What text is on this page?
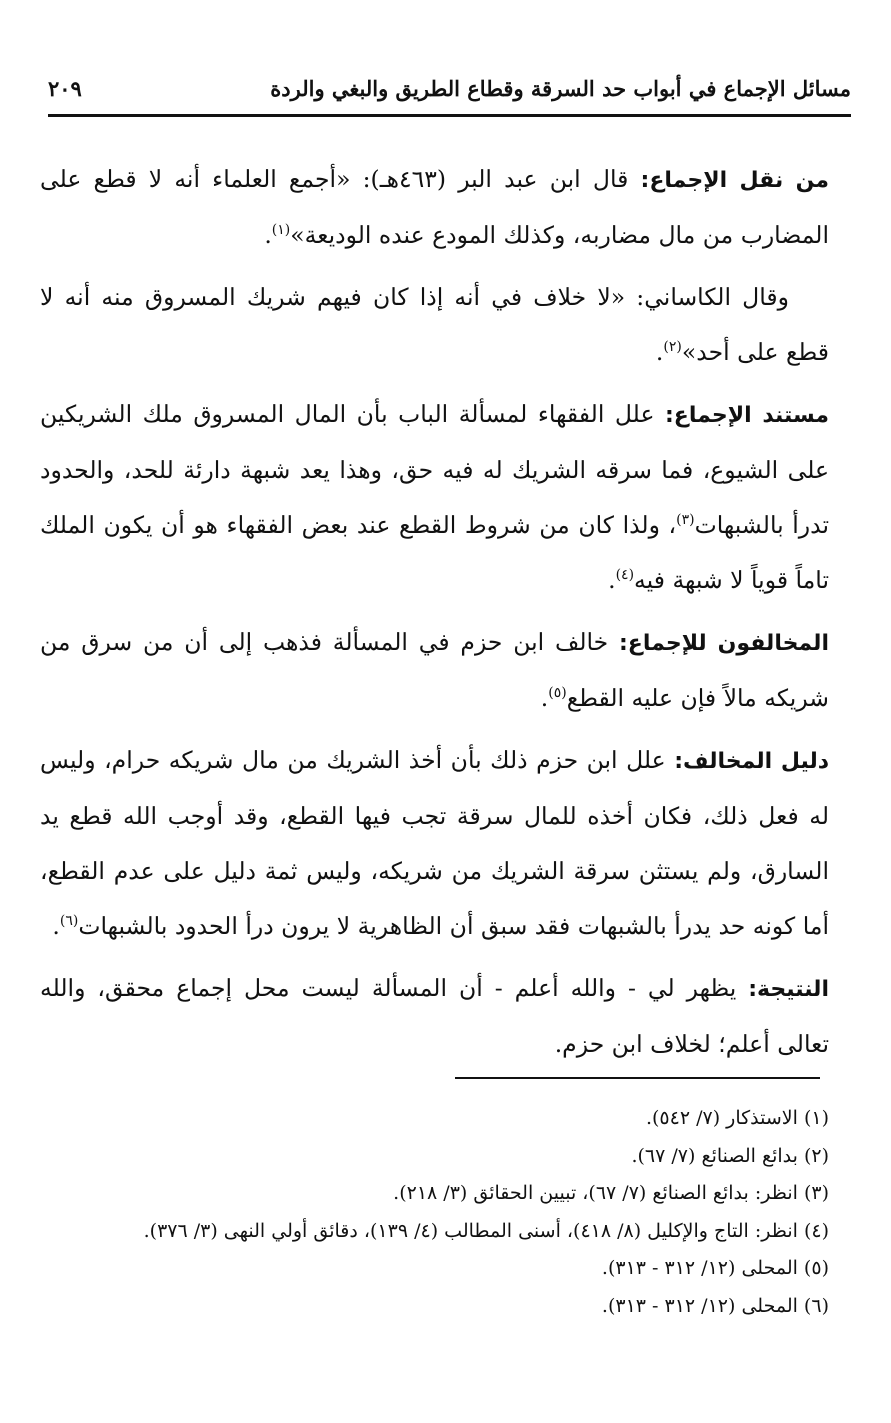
مسائل الإجماع في أبواب حد السرقة وقطاع الطريق والبغي والردة
٢٠٩

من نقل الإجماع: قال ابن عبد البر (٤٦٣هـ): «أجمع العلماء أنه لا قطع على المضارب من مال مضاربه، وكذلك المودع عنده الوديعة»$^{(١)}$.

وقال الكاساني: «لا خلاف في أنه إذا كان فيهم شريك المسروق منه أنه لا قطع على أحد»$^{(٢)}$.

مستند الإجماع: علل الفقهاء لمسألة الباب بأن المال المسروق ملك الشريكين على الشيوع، فما سرقه الشريك له فيه حق، وهذا يعد شبهة دارئة للحد، والحدود تدرأ بالشبهات$^{(٣)}$، ولذا كان من شروط القطع عند بعض الفقهاء هو أن يكون الملك تاماً قوياً لا شبهة فيه$^{(٤)}$.

المخالفون للإجماع: خالف ابن حزم في المسألة فذهب إلى أن من سرق من شريكه مالاً فإن عليه القطع$^{(٥)}$.

دليل المخالف: علل ابن حزم ذلك بأن أخذ الشريك من مال شريكه حرام، وليس له فعل ذلك، فكان أخذه للمال سرقة تجب فيها القطع، وقد أوجب الله قطع يد السارق، ولم يستثن سرقة الشريك من شريكه، وليس ثمة دليل على عدم القطع، أما كونه حد يدرأ بالشبهات فقد سبق أن الظاهرية لا يرون درأ الحدود بالشبهات$^{(٦)}$.

النتيجة: يظهر لي - والله أعلم - أن المسألة ليست محل إجماع محقق، والله تعالى أعلم؛ لخلاف ابن حزم.

(١) الاستذكار (٧/ ٥٤٢).
(٢) بدائع الصنائع (٧/ ٦٧).
(٣) انظر: بدائع الصنائع (٧/ ٦٧)، تبيين الحقائق (٣/ ٢١٨).
(٤) انظر: التاج والإكليل (٨/ ٤١٨)، أسنى المطالب (٤/ ١٣٩)، دقائق أولي النهى (٣/ ٣٧٦).
(٥) المحلى (١٢/ ٣١٢ - ٣١٣).
(٦) المحلى (١٢/ ٣١٢ - ٣١٣).
